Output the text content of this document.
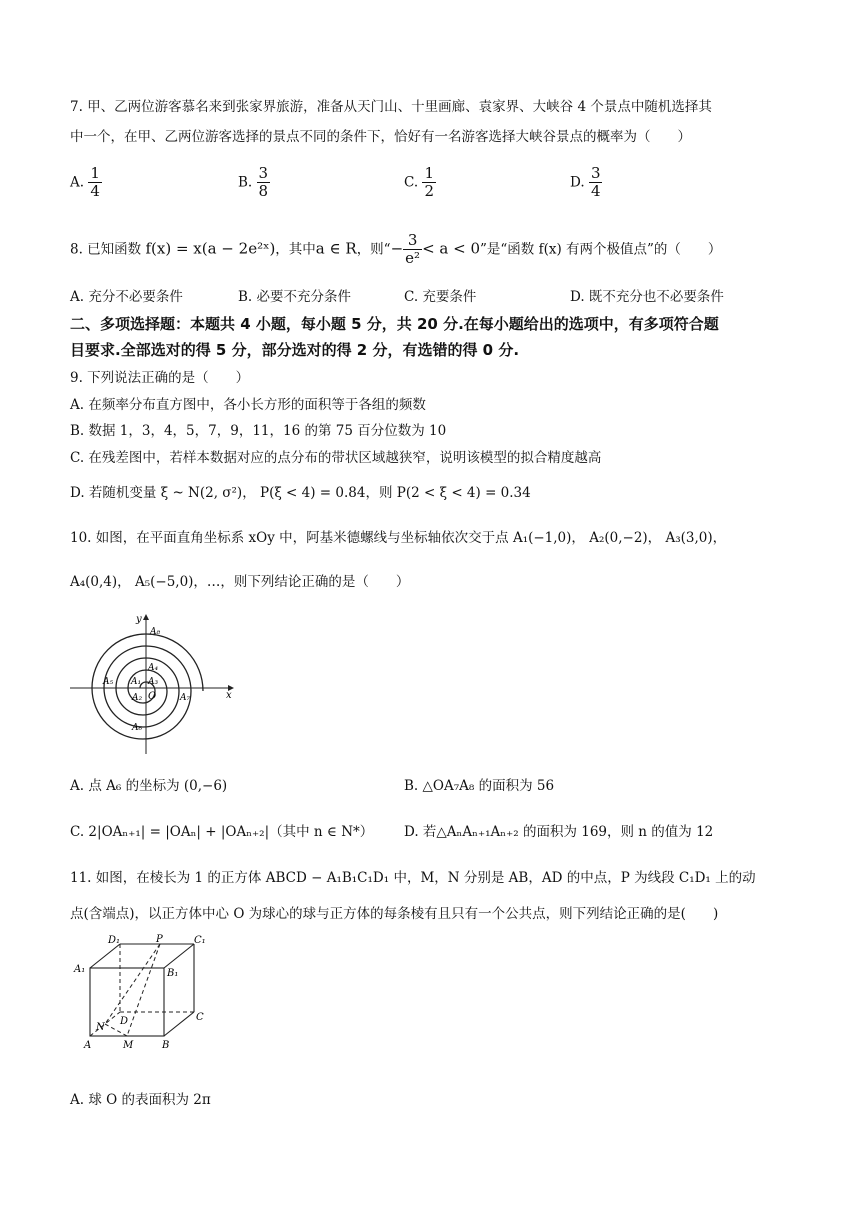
7. 甲、乙两位游客慕名来到张家界旅游，准备从天门山、十里画廊、袁家界、大峡谷 4 个景点中随机选择其
中一个，在甲、乙两位游客选择的景点不同的条件下，恰好有一名游客选择大峡谷景点的概率为（　　）
A. $\frac{1}{4}$	B. $\frac{3}{8}$	C. $\frac{1}{2}$	D. $\frac{3}{4}$
8. 已知函数 f(x) = x(a − 2e²ˣ)，其中a ∈ R，则“− $\frac{3}{\text{e²}} < a < 0$”是“函数 f(x) 有两个极值点”的（　　）
A. 充分不必要条件	B. 必要不充分条件	C. 充要条件	D. 既不充分也不必要条件
二、多项选择题：本题共 4 小题，每小题 5 分，共 20 分.在每小题给出的选项中，有多项符合题
目要求.全部选对的得 5 分，部分选对的得 2 分，有选错的得 0 分.
9. 下列说法正确的是（　　）
A. 在频率分布直方图中，各小长方形的面积等于各组的频数
B. 数据 1，3，4，5，7，9，11，16 的第 75 百分位数为 10
C. 在残差图中，若样本数据对应的点分布的带状区域越狭窄，说明该模型的拟合精度越高
D. 若随机变量 ξ ~ N(2, σ²)， P(ξ < 4) = 0.84，则 P(2 < ξ < 4) = 0.34
10. 如图，在平面直角坐标系 xOy 中，阿基米德螺线与坐标轴依次交于点 A₁(−1,0)， A₂(0,−2)， A₃(3,0)，
A₄(0,4)， A₅(−5,0)，…，则下列结论正确的是（　　）
y
x
O
A₈
A₄
A₃
A₁
A₅
A₂	A₇
A₆
A. 点 A₆ 的坐标为 (0,−6)	B. △OA₇A₈ 的面积为 56
C. 2|OAₙ₊₁| = |OAₙ| + |OAₙ₊₂|（其中 n ∈ N*） D. 若△AₙAₙ₊₁Aₙ₊₂ 的面积为 169，则 n 的值为 12
11. 如图，在棱长为 1 的正方体 ABCD − A₁B₁C₁D₁ 中，M，N 分别是 AB，AD 的中点，P 为线段 C₁D₁ 上的动
点(含端点)，以正方体中心 O 为球心的球与正方体的每条棱有且只有一个公共点，则下列结论正确的是(　　)
D₁	P	C₁
A₁	B₁
D	C
N
A	M	B
A. 球 O 的表面积为 2π
